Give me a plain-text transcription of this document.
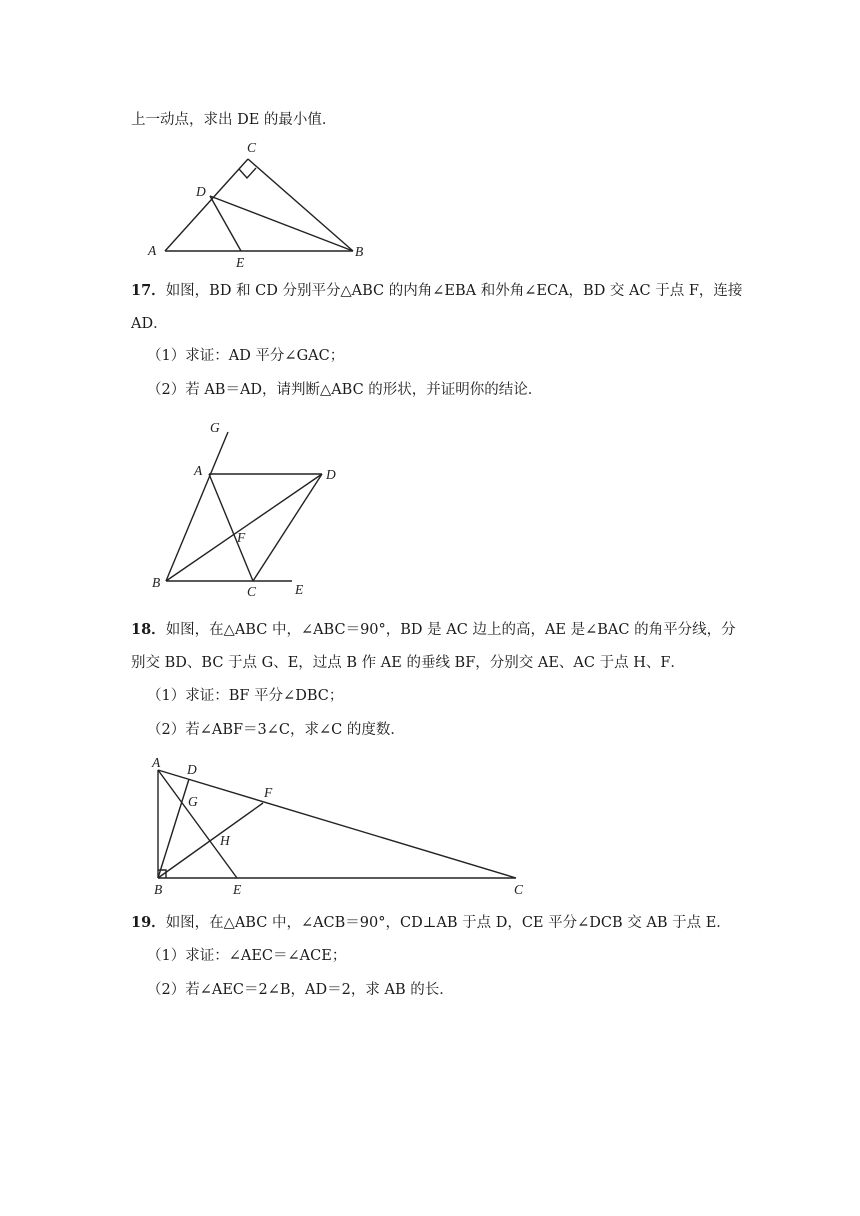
上一动点，求出 DE 的最小值．
C
D
A
E
B
17．如图，BD 和 CD 分别平分△ABC 的内角∠EBA 和外角∠ECA，BD 交 AC 于点 F，连接
AD．
（1）求证：AD 平分∠GAC；
（2）若 AB＝AD，请判断△ABC 的形状，并证明你的结论．
G
A	D
F
B
C	E
18．如图，在△ABC 中，∠ABC＝90°，BD 是 AC 边上的高，AE 是∠BAC 的角平分线，分
别交 BD、BC 于点 G、E，过点 B 作 AE 的垂线 BF，分别交 AE、AC 于点 H、F．
（1）求证：BF 平分∠DBC；
（2）若∠ABF＝3∠C，求∠C 的度数．
A D
G
F
H
B	E	C
19．如图，在△ABC 中，∠ACB＝90°，CD⊥AB 于点 D，CE 平分∠DCB 交 AB 于点 E．
（1）求证：∠AEC＝∠ACE；
（2）若∠AEC＝2∠B，AD＝2，求 AB 的长．
